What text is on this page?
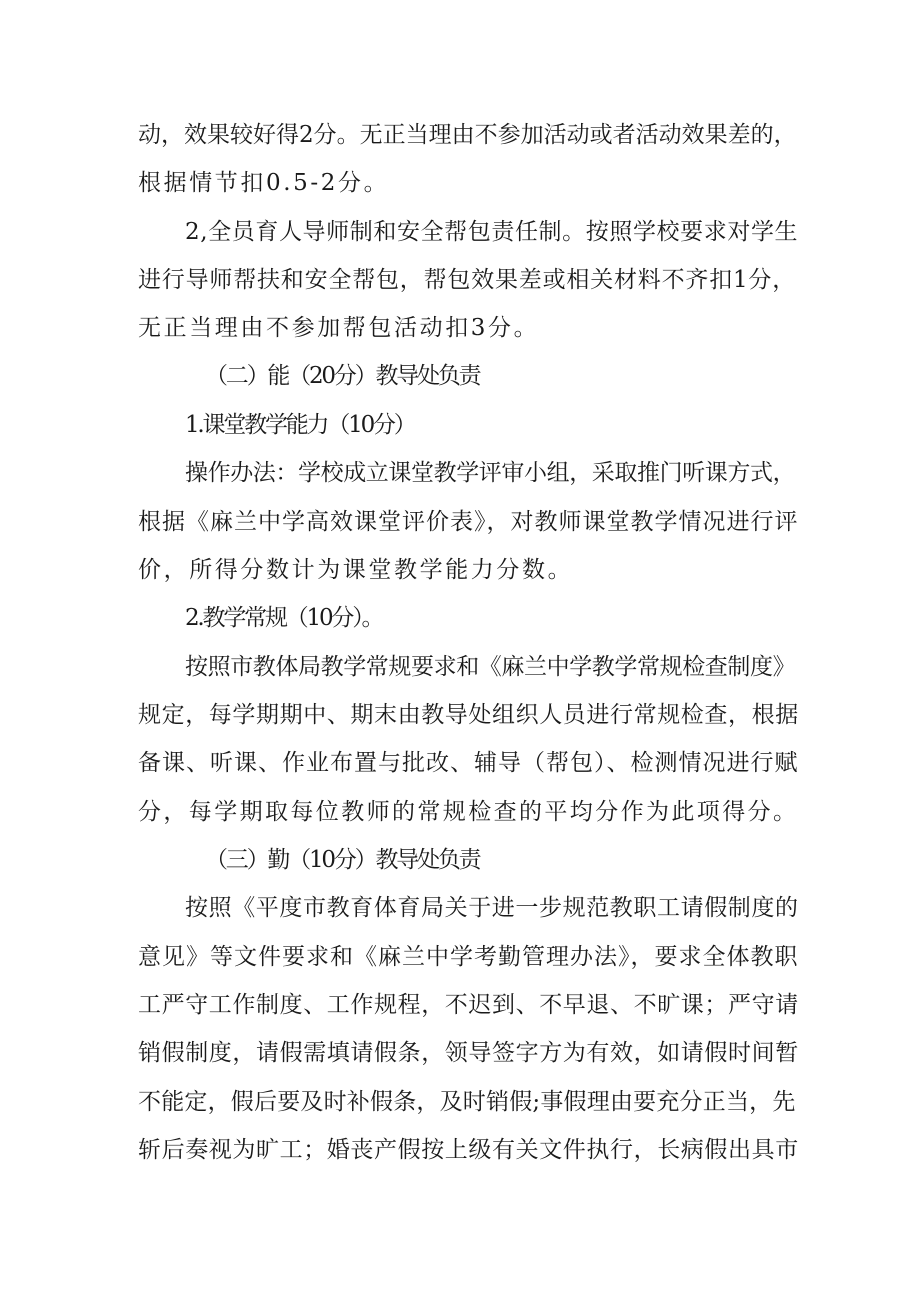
动，效果较好得2分。无正当理由不参加活动或者活动效果差的，
根据情节扣0.5-2分。
2,全员育人导师制和安全帮包责任制。按照学校要求对学生
进行导师帮扶和安全帮包，帮包效果差或相关材料不齐扣1分，
无正当理由不参加帮包活动扣3分。
（二）能（20分）教导处负责
1.课堂教学能力（10分）
操作办法：学校成立课堂教学评审小组，采取推门听课方式，
根据《麻兰中学高效课堂评价表》，对教师课堂教学情况进行评
价，所得分数计为课堂教学能力分数。
2.教学常规（10分）。
按照市教体局教学常规要求和《麻兰中学教学常规检查制度》
规定，每学期期中、期末由教导处组织人员进行常规检查，根据
备课、听课、作业布置与批改、辅导（帮包）、检测情况进行赋
分，每学期取每位教师的常规检查的平均分作为此项得分。
（三）勤（10分）教导处负责
按照《平度市教育体育局关于进一步规范教职工请假制度的
意见》等文件要求和《麻兰中学考勤管理办法》，要求全体教职
工严守工作制度、工作规程，不迟到、不早退、不旷课；严守请
销假制度，请假需填请假条，领导签字方为有效，如请假时间暂
不能定，假后要及时补假条，及时销假;事假理由要充分正当，先
斩后奏视为旷工；婚丧产假按上级有关文件执行，长病假出具市
